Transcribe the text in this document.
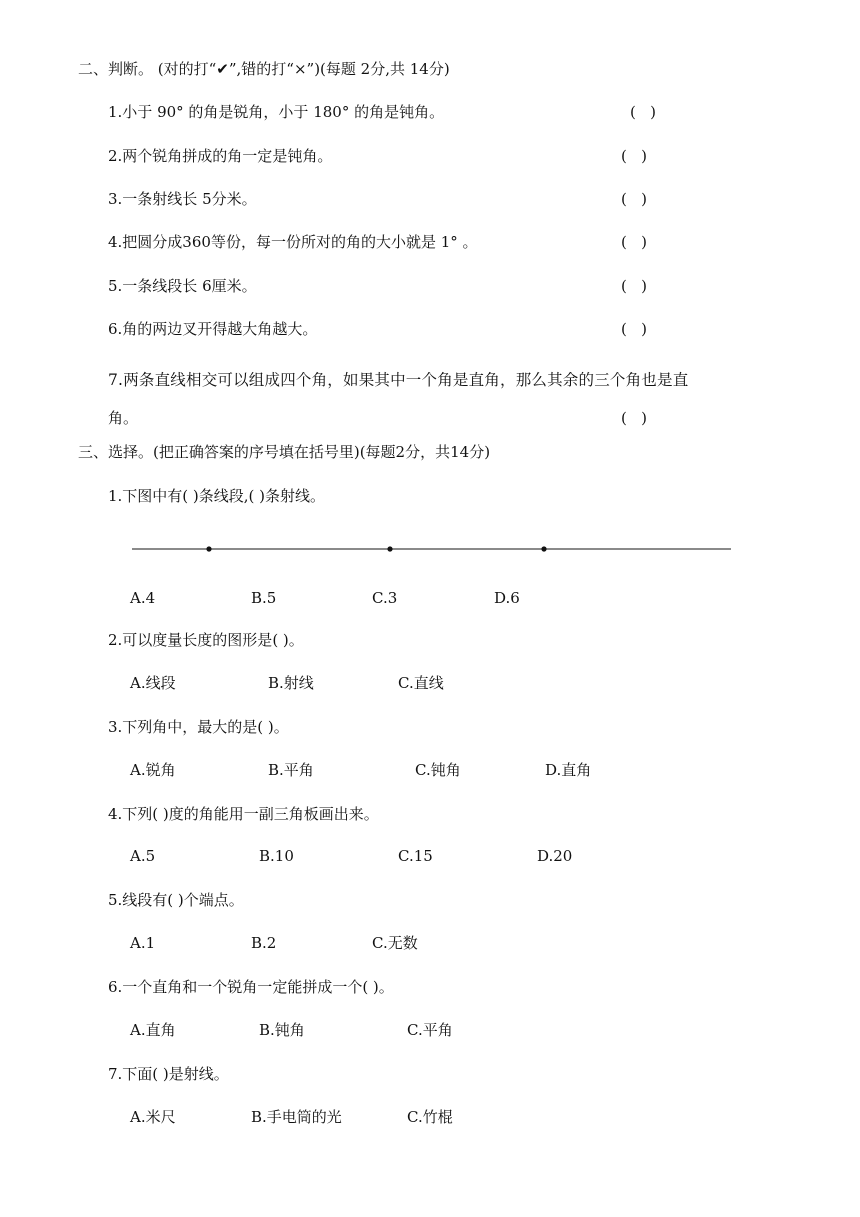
二、判断。 (对的打“✔”,错的打“×”)(每题 2分,共 14分)
1.小于 90° 的角是锐角，小于 180° 的角是钝角。	(   )
2.两个锐角拼成的角一定是钝角。	(   )
3.一条射线长 5分米。	(   )
4.把圆分成360等份，每一份所对的角的大小就是 1° 。	(   )
5.一条线段长 6厘米。	(   )
6.角的两边叉开得越大角越大。	(   )
7.两条直线相交可以组成四个角，如果其中一个角是直角，那么其余的三个角也是直
角。	(   )
三、选择。(把正确答案的序号填在括号里)(每题2分，共14分)
1.下图中有( )条线段,( )条射线。
A.4	B.5	C.3	D.6
2.可以度量长度的图形是( )。
A.线段	B.射线	C.直线
3.下列角中，最大的是( )。
A.锐角	B.平角	C.钝角	D.直角
4.下列( )度的角能用一副三角板画出来。
A.5	B.10	C.15	D.20
5.线段有( )个端点。
A.1	B.2	C.无数
6.一个直角和一个锐角一定能拼成一个( )。
A.直角	B.钝角	C.平角
7.下面( )是射线。
A.米尺	B.手电筒的光	C.竹棍
